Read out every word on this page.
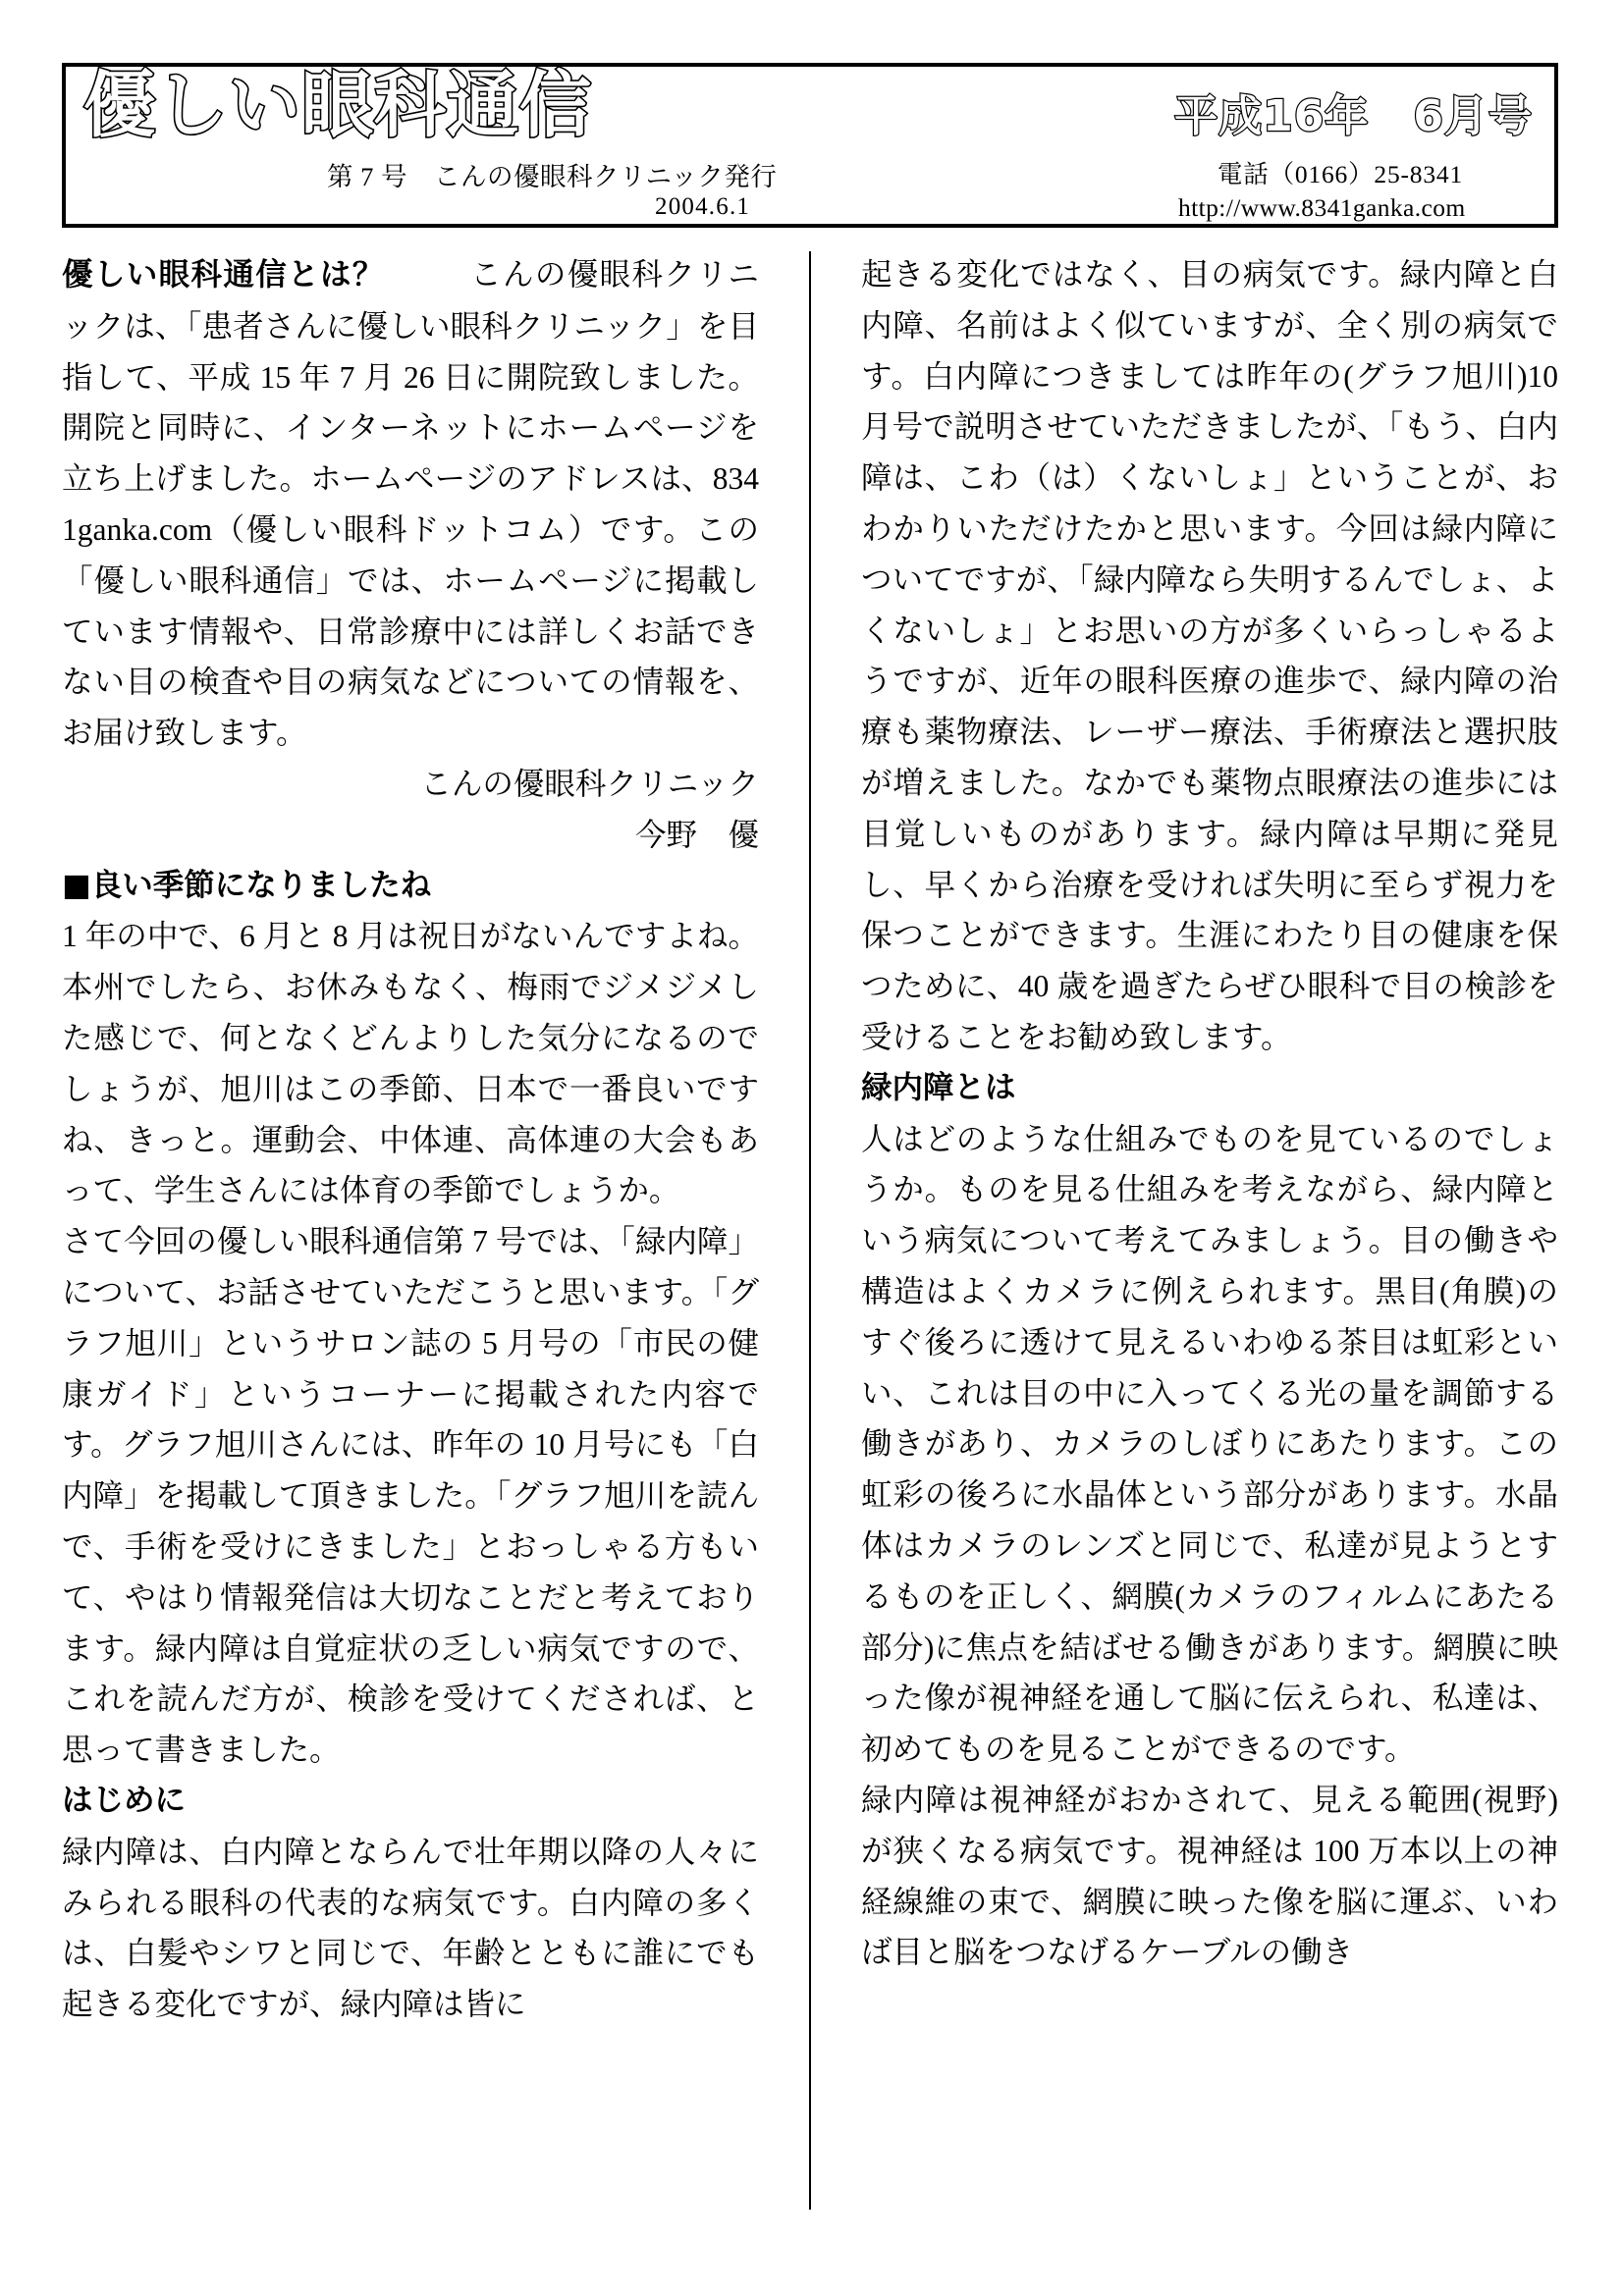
優しい眼科通信	平成16年　6月号
第 7 号　こんの優眼科クリニック発行
2004.6.1
電話（0166）25-8341
http://www.8341ganka.com

優しい眼科通信とは？	こんの優眼科クリニックは、「患者さんに優しい眼科クリニック」を目指して、平成 15 年 7 月 26 日に開院致しました。開院と同時に、インターネットにホームページを立ち上げました。ホームページのアドレスは、8341ganka.com（優しい眼科ドットコム）です。この「優しい眼科通信」では、ホームページに掲載しています情報や、日常診療中には詳しくお話できない目の検査や目の病気などについての情報を、お届け致します。

こんの優眼科クリニック

今野　優

■良い季節になりましたね

1 年の中で、6 月と 8 月は祝日がないんですよね。本州でしたら、お休みもなく、梅雨でジメジメした感じで、何となくどんよりした気分になるのでしょうが、旭川はこの季節、日本で一番良いですね、きっと。運動会、中体連、高体連の大会もあって、学生さんには体育の季節でしょうか。

さて今回の優しい眼科通信第 7 号では、「緑内障」について、お話させていただこうと思います。「グラフ旭川」というサロン誌の 5 月号の「市民の健康ガイド」というコーナーに掲載された内容です。グラフ旭川さんには、昨年の 10 月号にも「白内障」を掲載して頂きました。「グラフ旭川を読んで、手術を受けにきました」とおっしゃる方もいて、やはり情報発信は大切なことだと考えております。緑内障は自覚症状の乏しい病気ですので、これを読んだ方が、検診を受けてくだされば、と思って書きました。

はじめに

緑内障は、白内障とならんで壮年期以降の人々にみられる眼科の代表的な病気です。白内障の多くは、白髪やシワと同じで、年齢とともに誰にでも起きる変化ですが、緑内障は皆に

起きる変化ではなく、目の病気です。緑内障と白内障、名前はよく似ていますが、全く別の病気です。白内障につきましては昨年の(グラフ旭川)10 月号で説明させていただきましたが、「もう、白内障は、こわ（は）くないしょ」ということが、おわかりいただけたかと思います。今回は緑内障についてですが、「緑内障なら失明するんでしょ、よくないしょ」とお思いの方が多くいらっしゃるようですが、近年の眼科医療の進歩で、緑内障の治療も薬物療法、レーザー療法、手術療法と選択肢が増えました。なかでも薬物点眼療法の進歩には目覚しいものがあります。緑内障は早期に発見し、早くから治療を受ければ失明に至らず視力を保つことができます。生涯にわたり目の健康を保つために、40 歳を過ぎたらぜひ眼科で目の検診を受けることをお勧め致します。

緑内障とは

人はどのような仕組みでものを見ているのでしょうか。ものを見る仕組みを考えながら、緑内障という病気について考えてみましょう。目の働きや構造はよくカメラに例えられます。黒目(角膜)のすぐ後ろに透けて見えるいわゆる茶目は虹彩といい、これは目の中に入ってくる光の量を調節する働きがあり、カメラのしぼりにあたります。この虹彩の後ろに水晶体という部分があります。水晶体はカメラのレンズと同じで、私達が見ようとするものを正しく、網膜(カメラのフィルムにあたる部分)に焦点を結ばせる働きがあります。網膜に映った像が視神経を通して脳に伝えられ、私達は、初めてものを見ることができるのです。

緑内障は視神経がおかされて、見える範囲(視野)が狭くなる病気です。視神経は 100 万本以上の神経線維の束で、網膜に映った像を脳に運ぶ、いわば目と脳をつなげるケーブルの働き
